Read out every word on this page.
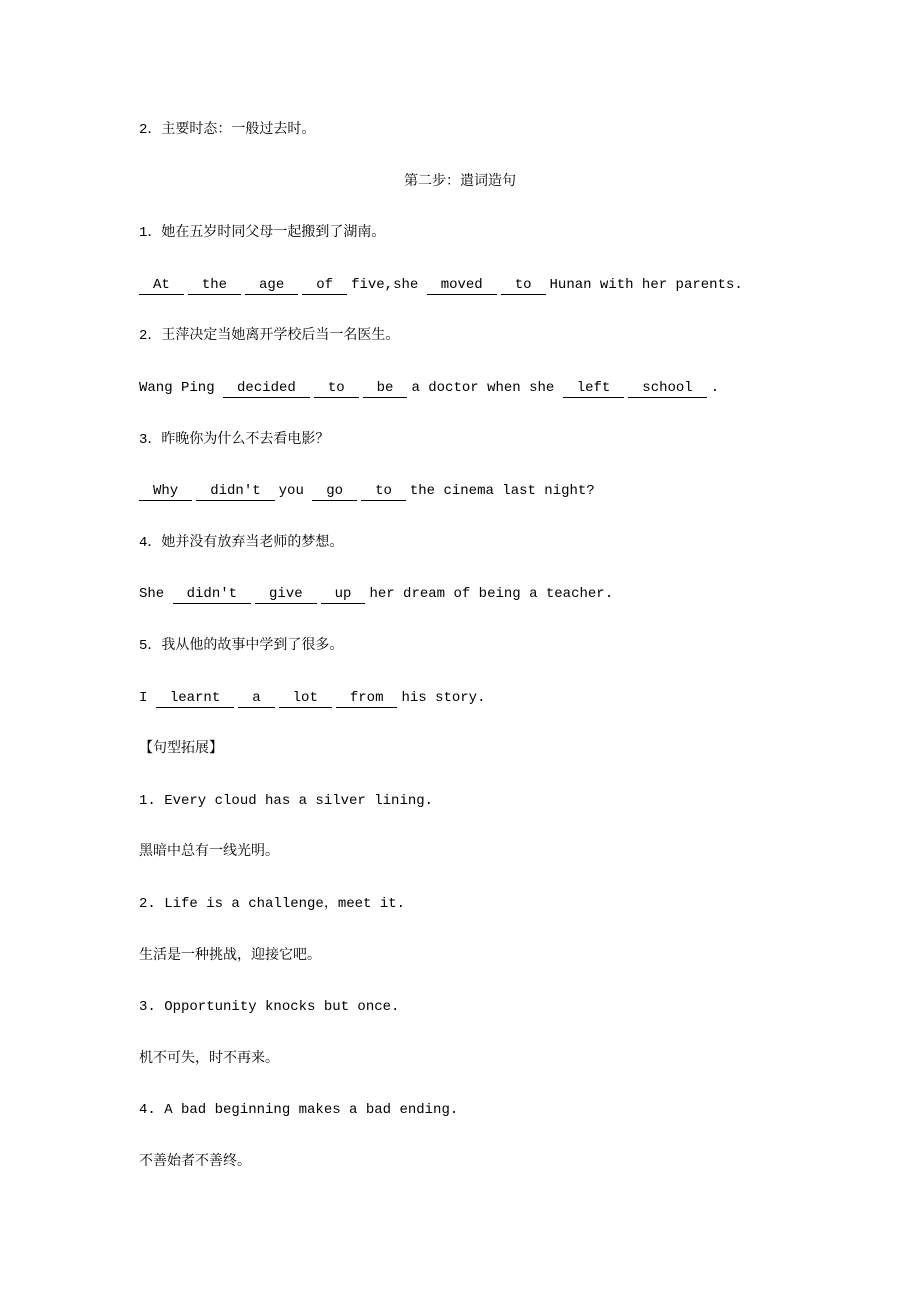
2．主要时态：一般过去时。
第二步：遣词造句
1．她在五岁时同父母一起搬到了湖南。
At the age of five,she moved to Hunan with her parents.
2．王萍决定当她离开学校后当一名医生。
Wang Ping decided to be a doctor when she left school .
3．昨晚你为什么不去看电影？
Why didn't you go to the cinema last night?
4．她并没有放弃当老师的梦想。
She didn't give up her dream of being a teacher.
5．我从他的故事中学到了很多。
I learnt a lot from his story.
【句型拓展】
1. Every cloud has a silver lining.
黑暗中总有一线光明。
2. Life is a challenge，meet it.
生活是一种挑战，迎接它吧。
3. Opportunity knocks but once.
机不可失，时不再来。
4. A bad beginning makes a bad ending.
不善始者不善终。
